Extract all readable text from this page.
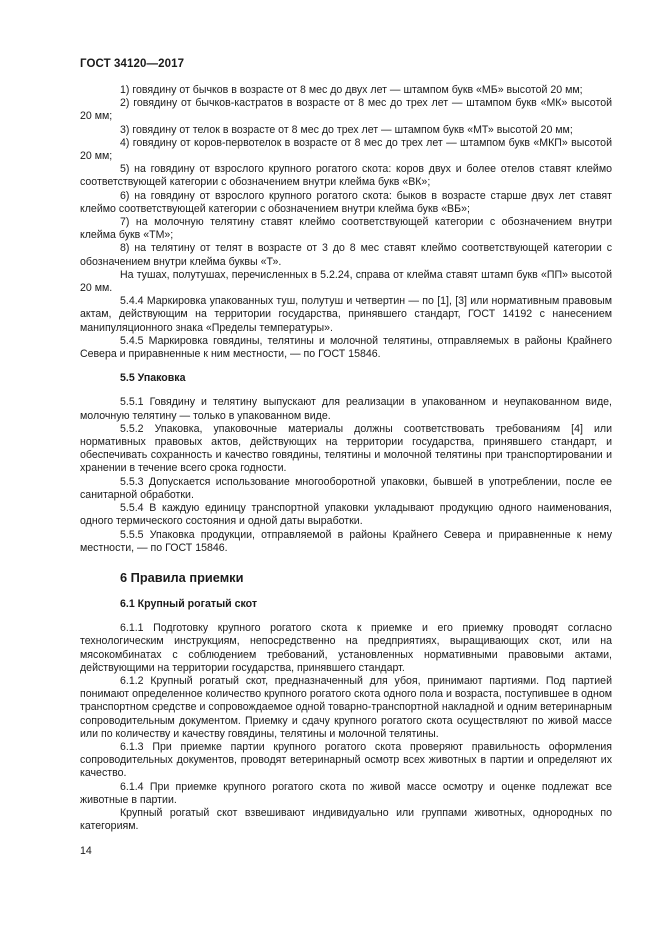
ГОСТ 34120—2017

1) говядину от бычков в возрасте от 8 мес до двух лет — штампом букв «МБ» высотой 20 мм;

2) говядину от бычков-кастратов в возрасте от 8 мес до трех лет — штампом букв «МК» высотой 20 мм;

3) говядину от телок в возрасте от 8 мес до трех лет — штампом букв «МТ» высотой 20 мм;

4) говядину от коров-первотелок в возрасте от 8 мес до трех лет — штампом букв «МКП» высотой 20 мм;

5) на говядину от взрослого крупного рогатого скота: коров двух и более отелов ставят клеймо соответствующей категории с обозначением внутри клейма букв «ВК»;

6) на говядину от взрослого крупного рогатого скота: быков в возрасте старше двух лет ставят клеймо соответствующей категории с обозначением внутри клейма букв «ВБ»;

7) на молочную телятину ставят клеймо соответствующей категории с обозначением внутри клейма букв «ТМ»;

8) на телятину от телят в возрасте от 3 до 8 мес ставят клеймо соответствующей категории с обозначением внутри клейма буквы «Т».

На тушах, полутушах, перечисленных в 5.2.24, справа от клейма ставят штамп букв «ПП» высотой 20 мм.

5.4.4 Маркировка упакованных туш, полутуш и четвертин — по [1], [3] или нормативным правовым актам, действующим на территории государства, принявшего стандарт, ГОСТ 14192 с нанесением манипуляционного знака «Пределы температуры».

5.4.5 Маркировка говядины, телятины и молочной телятины, отправляемых в районы Крайнего Севера и приравненные к ним местности, — по ГОСТ 15846.

5.5 Упаковка

5.5.1 Говядину и телятину выпускают для реализации в упакованном и неупакованном виде, молочную телятину — только в упакованном виде.

5.5.2 Упаковка, упаковочные материалы должны соответствовать требованиям [4] или нормативных правовых актов, действующих на территории государства, принявшего стандарт, и обеспечивать сохранность и качество говядины, телятины и молочной телятины при транспортировании и хранении в течение всего срока годности.

5.5.3 Допускается использование многооборотной упаковки, бывшей в употреблении, после ее санитарной обработки.

5.5.4 В каждую единицу транспортной упаковки укладывают продукцию одного наименования, одного термического состояния и одной даты выработки.

5.5.5 Упаковка продукции, отправляемой в районы Крайнего Севера и приравненные к нему местности, — по ГОСТ 15846.

6 Правила приемки
6.1 Крупный рогатый скот

6.1.1 Подготовку крупного рогатого скота к приемке и его приемку проводят согласно технологическим инструкциям, непосредственно на предприятиях, выращивающих скот, или на мясокомбинатах с соблюдением требований, установленных нормативными правовыми актами, действующими на территории государства, принявшего стандарт.

6.1.2 Крупный рогатый скот, предназначенный для убоя, принимают партиями. Под партией понимают определенное количество крупного рогатого скота одного пола и возраста, поступившее в одном транспортном средстве и сопровождаемое одной товарно-транспортной накладной и одним ветеринарным сопроводительным документом. Приемку и сдачу крупного рогатого скота осуществляют по живой массе или по количеству и качеству говядины, телятины и молочной телятины.

6.1.3 При приемке партии крупного рогатого скота проверяют правильность оформления сопроводительных документов, проводят ветеринарный осмотр всех животных в партии и определяют их качество.

6.1.4 При приемке крупного рогатого скота по живой массе осмотру и оценке подлежат все животные в партии.

Крупный рогатый скот взвешивают индивидуально или группами животных, однородных по категориям.

14
